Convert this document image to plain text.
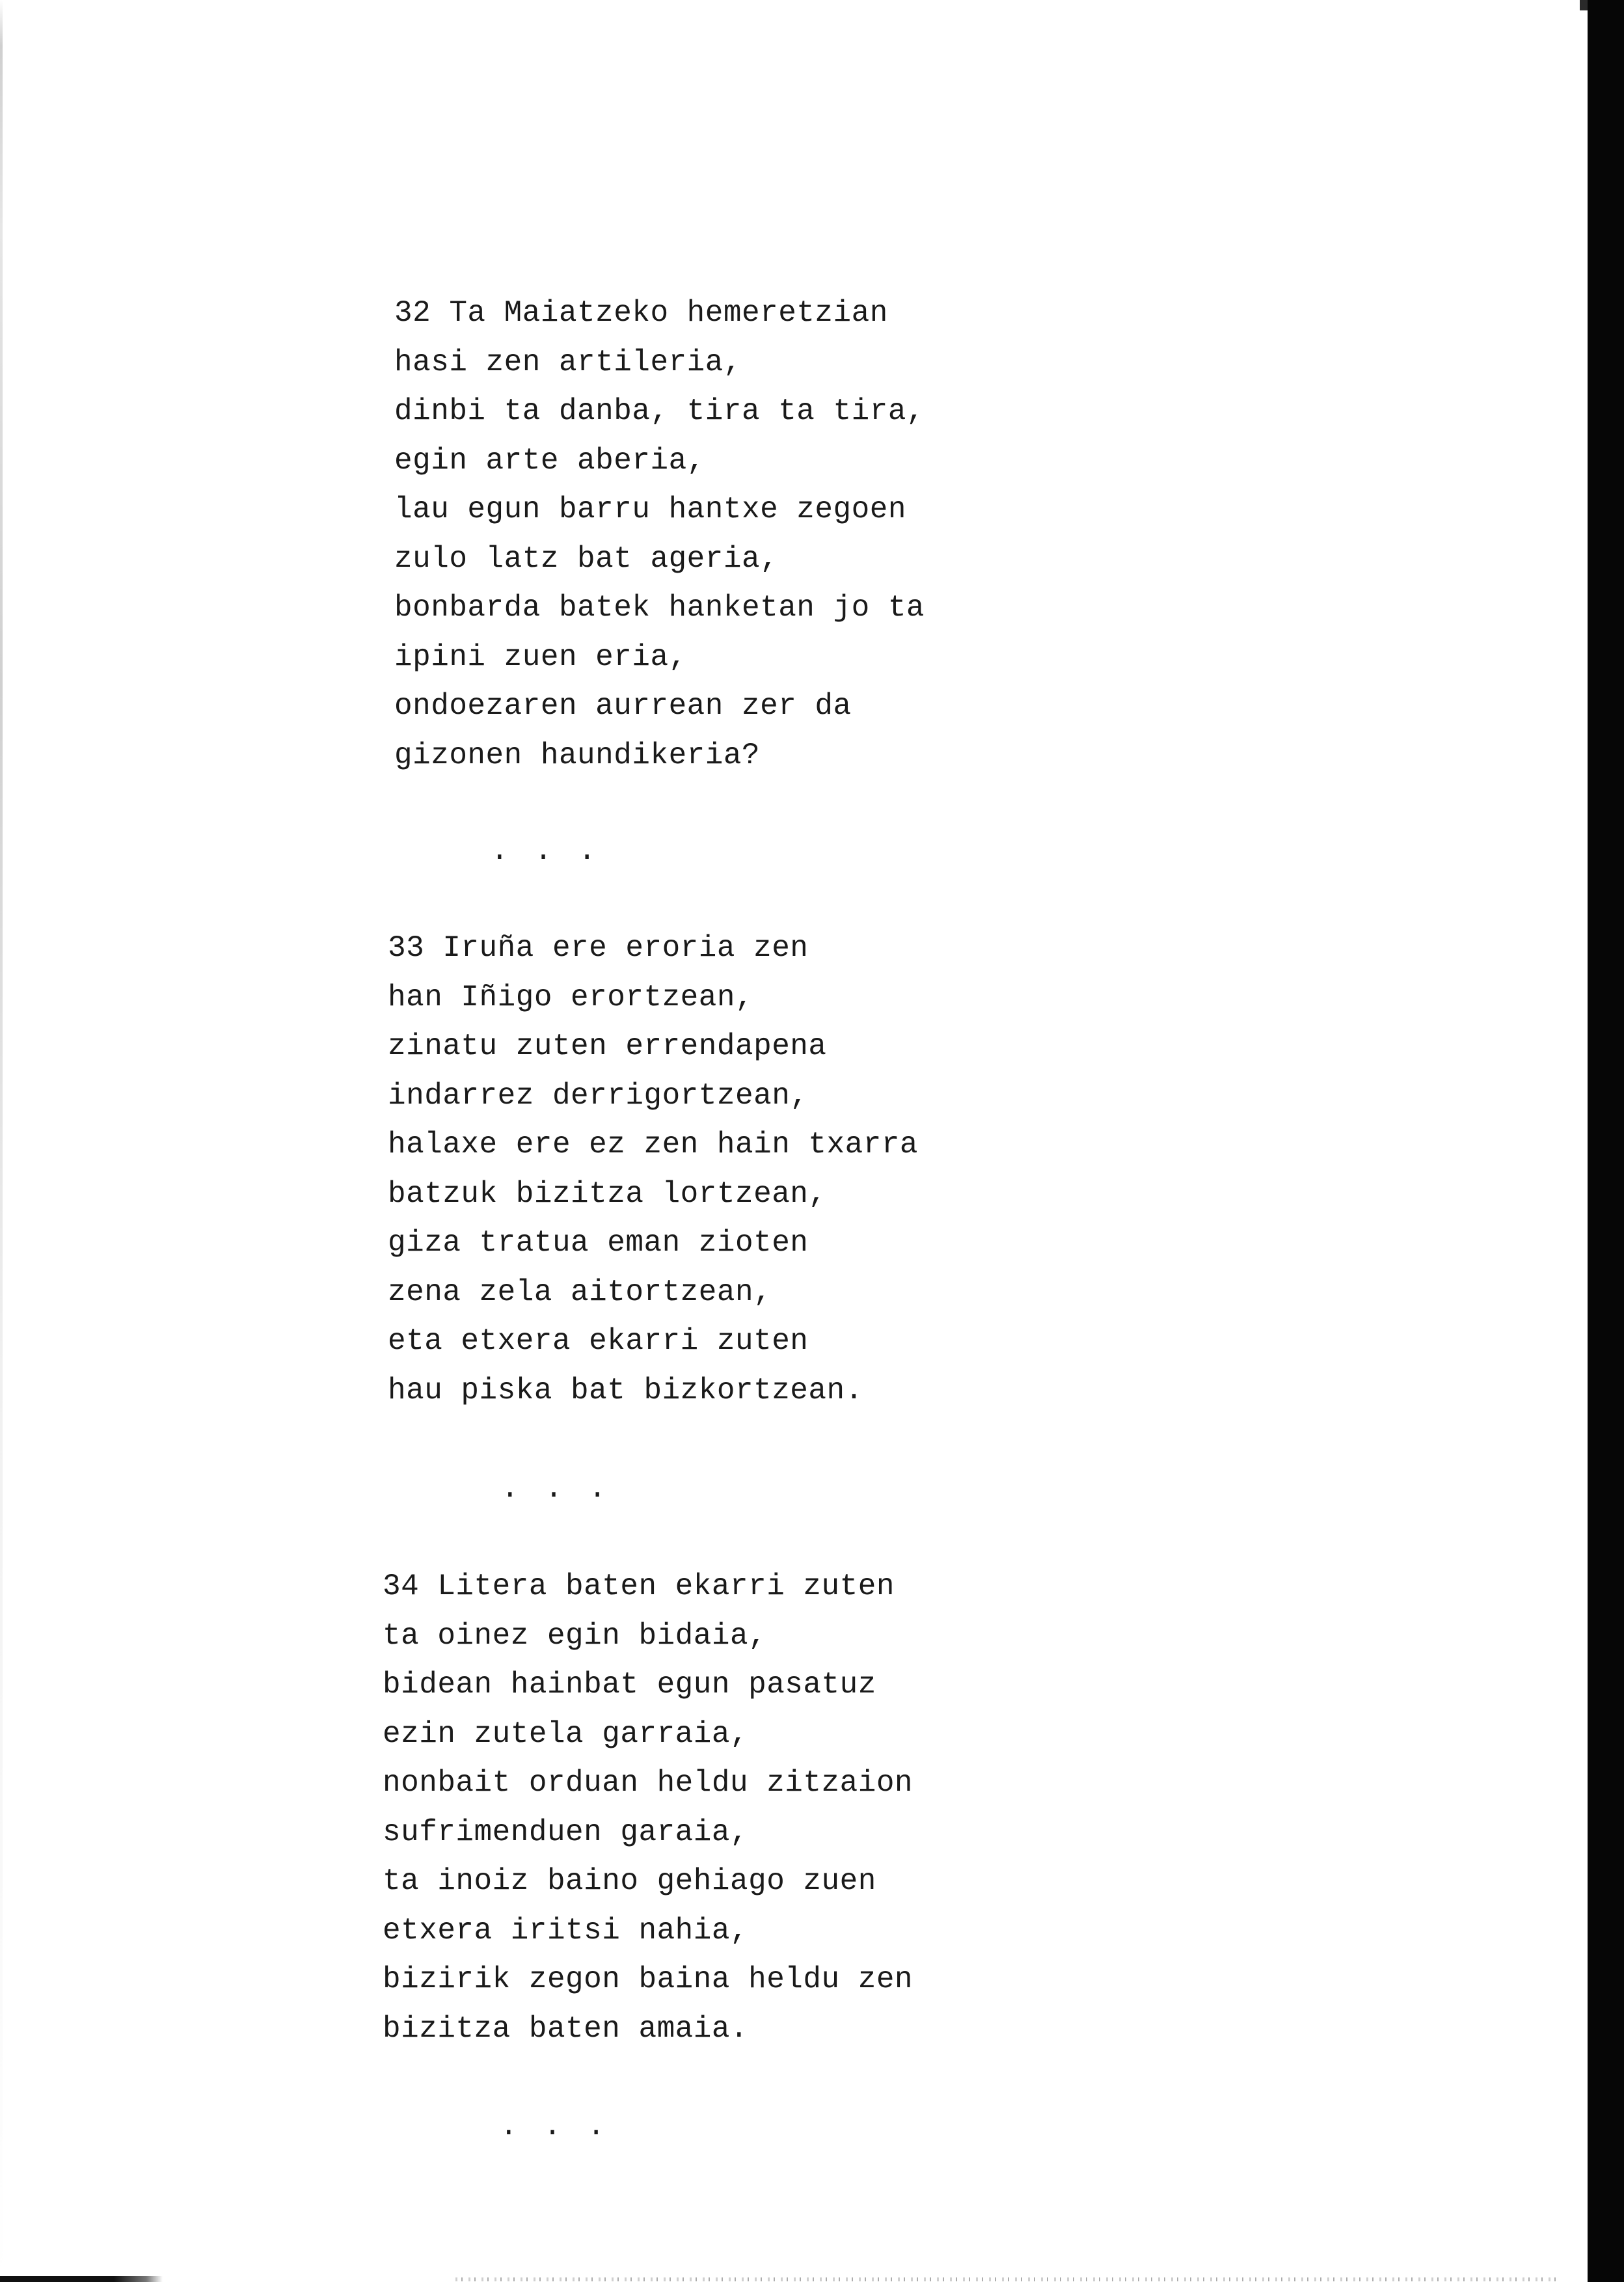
32 Ta Maiatzeko hemeretzian
hasi zen artileria,
dinbi ta danba, tira ta tira,
egin arte aberia,
lau egun barru hantxe zegoen
zulo latz bat ageria,
bonbarda batek hanketan jo ta
ipini zuen eria,
ondoezaren aurrean zer da
gizonen haundikeria?
. . .
33 Iruña ere eroria zen
han Iñigo erortzean,
zinatu zuten errendapena
indarrez derrigortzean,
halaxe ere ez zen hain txarra
batzuk bizitza lortzean,
giza tratua eman zioten
zena zela aitortzean,
eta etxera ekarri zuten
hau piska bat bizkortzean.
. . .
34 Litera baten ekarri zuten
ta oinez egin bidaia,
bidean hainbat egun pasatuz
ezin zutela garraia,
nonbait orduan heldu zitzaion
sufrimenduen garaia,
ta inoiz baino gehiago zuen
etxera iritsi nahia,
bizirik zegon baina heldu zen
bizitza baten amaia.
. . .
